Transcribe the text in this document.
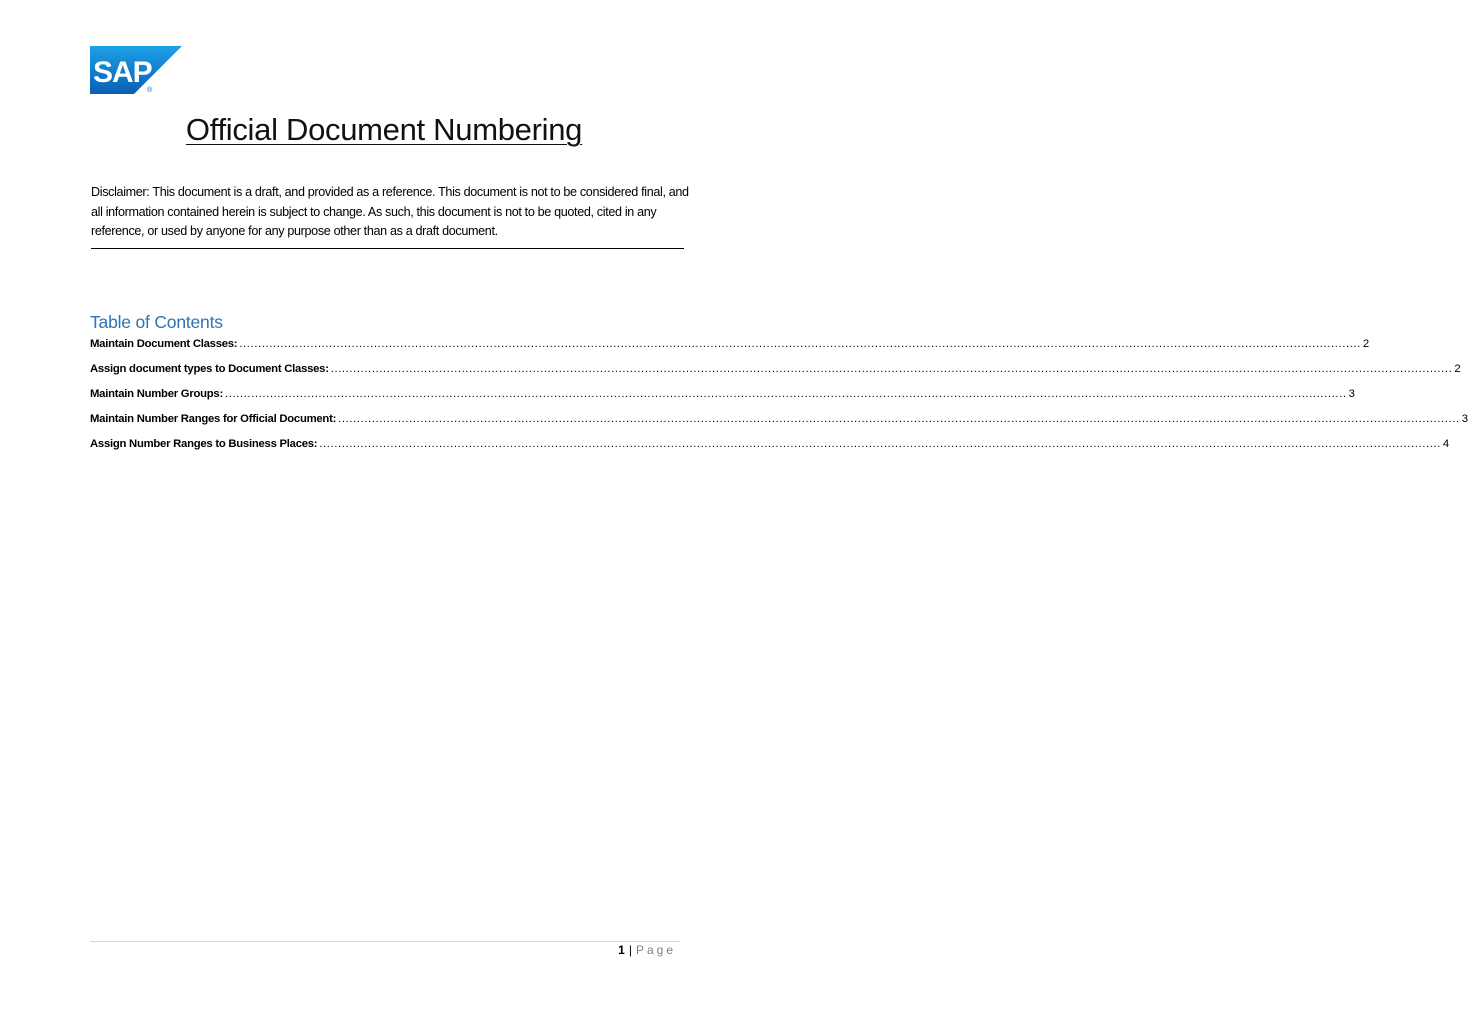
SAP
®
Official Document Numbering
Disclaimer: This document is a draft, and provided as a reference. This document is not to be considered final, and all information contained herein is subject to change. As such, this document is not to be quoted, cited in any reference, or used by anyone for any purpose other than as a draft document.
Table of Contents
Maintain Document Classes: ............................................................................................................................................................................................................................................................................................................ 2
Assign document types to Document Classes: ............................................................................................................................................................................................................................................................................................................ 2
Maintain Number Groups: ............................................................................................................................................................................................................................................................................................................ 3
Maintain Number Ranges for Official Document: ............................................................................................................................................................................................................................................................................................................ 3
Assign Number Ranges to Business Places: ............................................................................................................................................................................................................................................................................................................ 4
1 | Page
